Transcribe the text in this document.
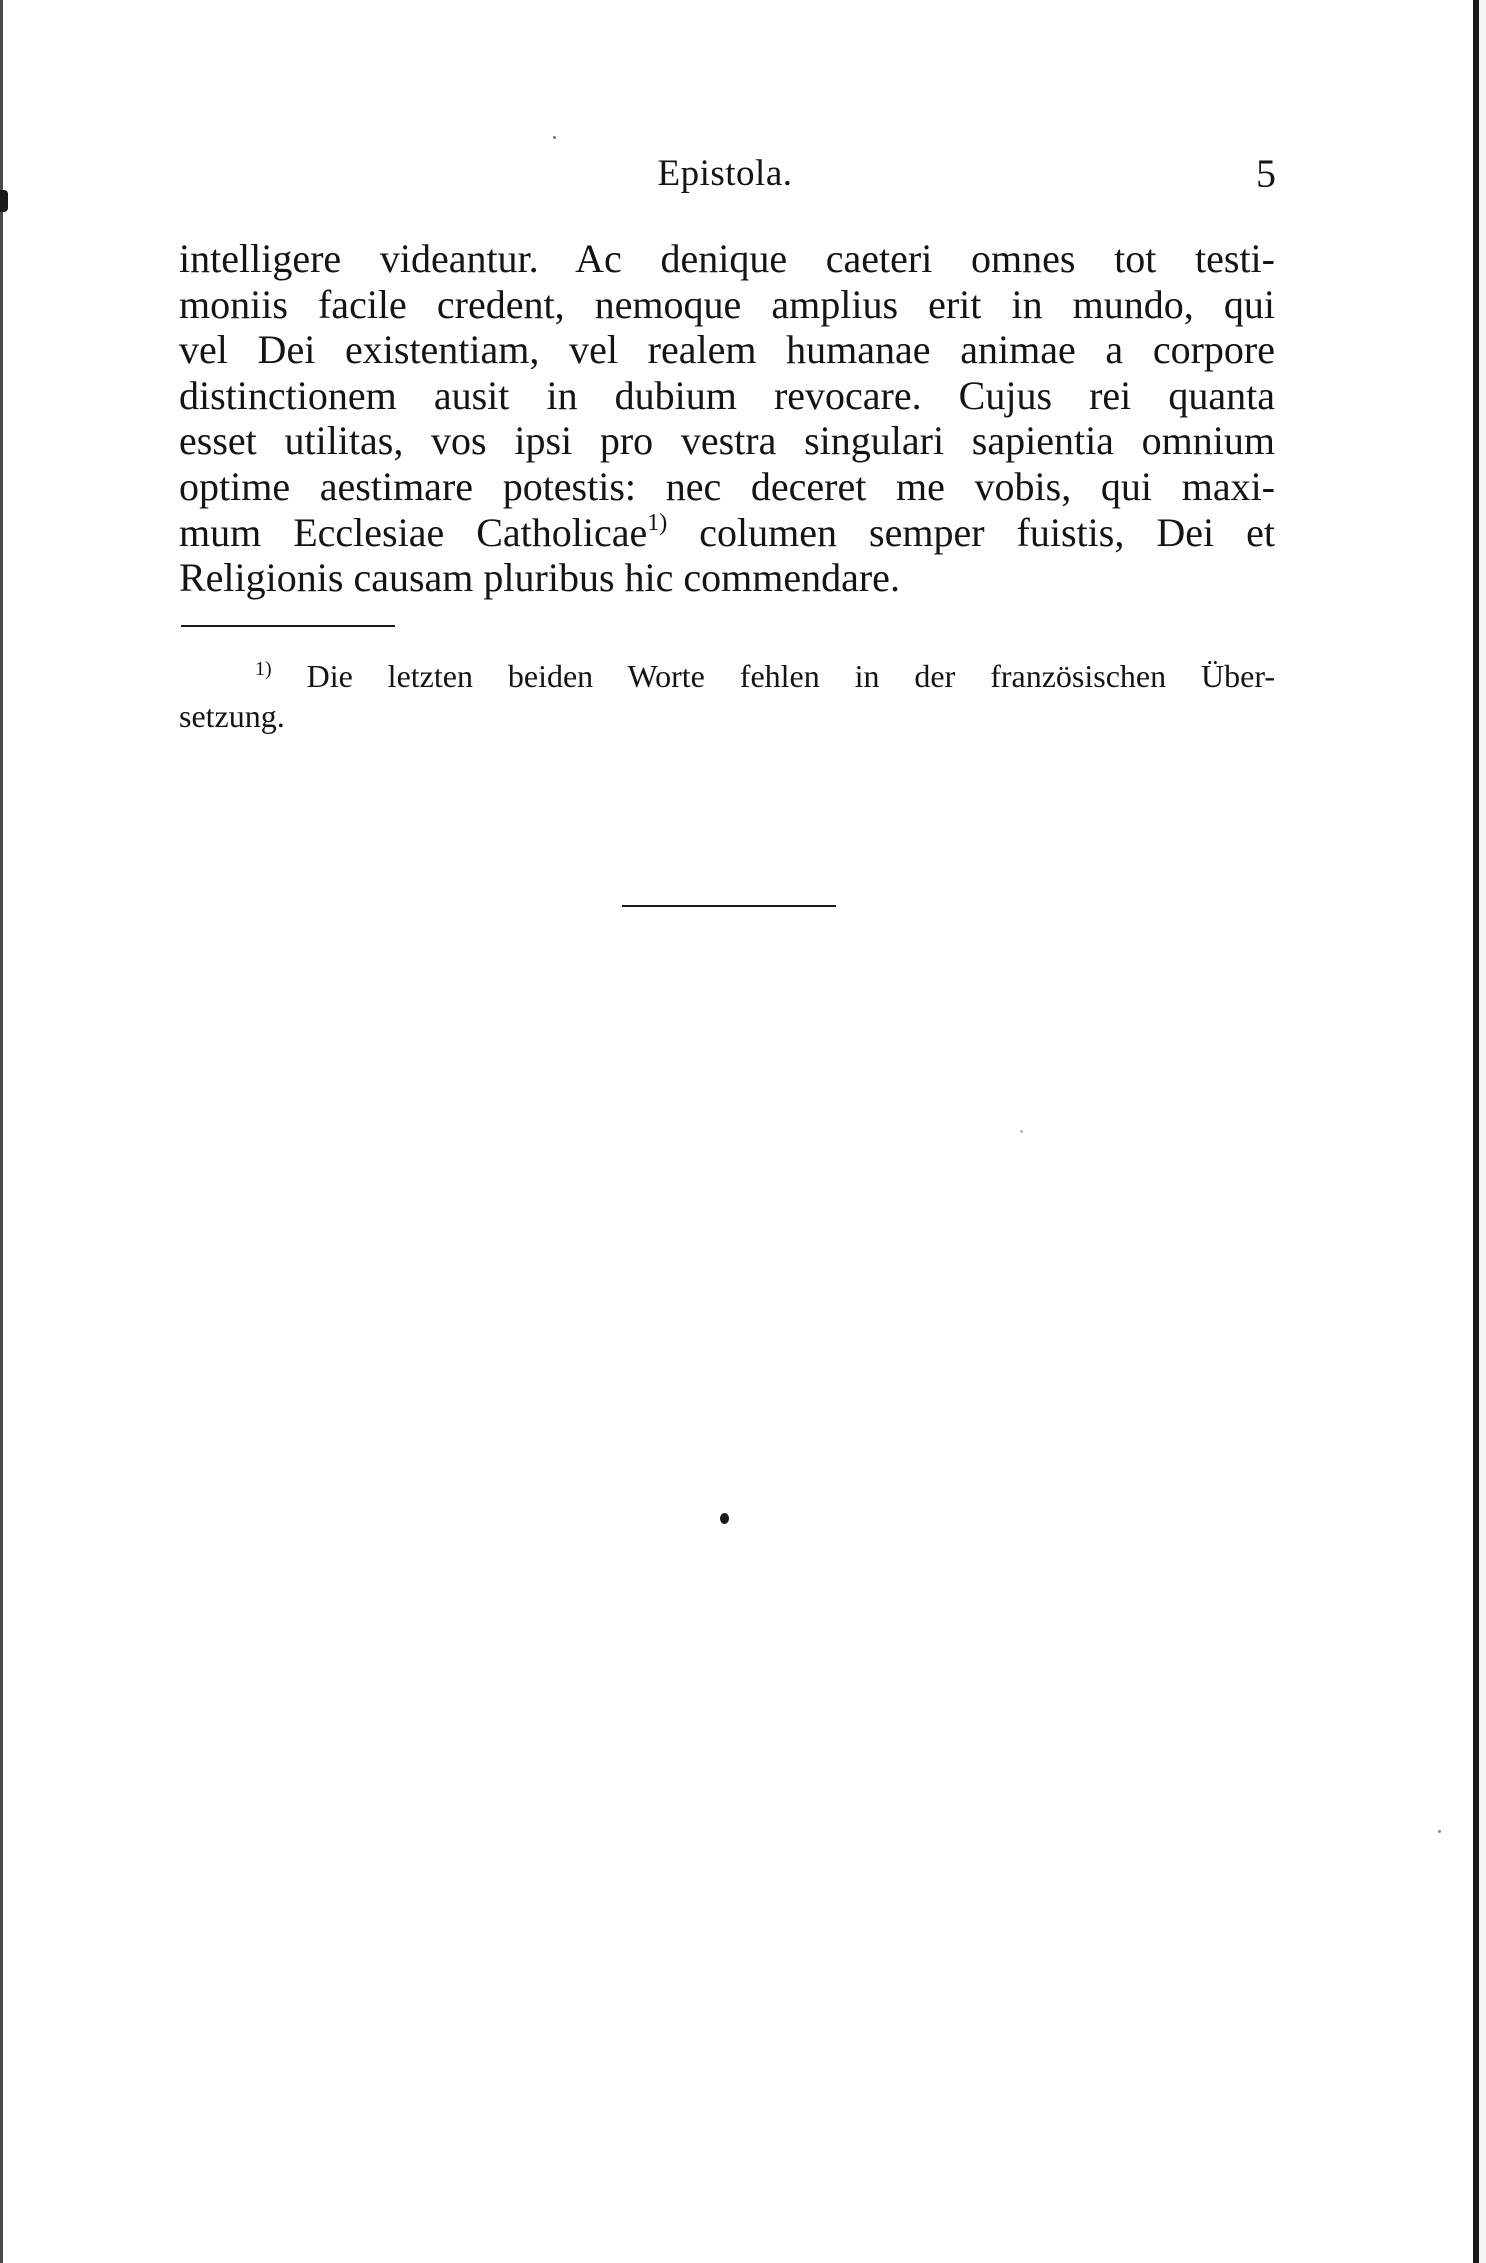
Epistola.	5
intelligere videantur. Ac denique caeteri omnes tot testi-
moniis facile credent, nemoque amplius erit in mundo, qui
vel Dei existentiam, vel realem humanae animae a corpore
distinctionem ausit in dubium revocare. Cujus rei quanta
esset utilitas, vos ipsi pro vestra singulari sapientia omnium
optime aestimare potestis: nec deceret me vobis, qui maxi-
mum Ecclesiae Catholicae$^{1)}$ columen semper fuistis, Dei et
Religionis causam pluribus hic commendare.
$^{1)}$ Die letzten beiden Worte fehlen in der französischen Über-
setzung.
